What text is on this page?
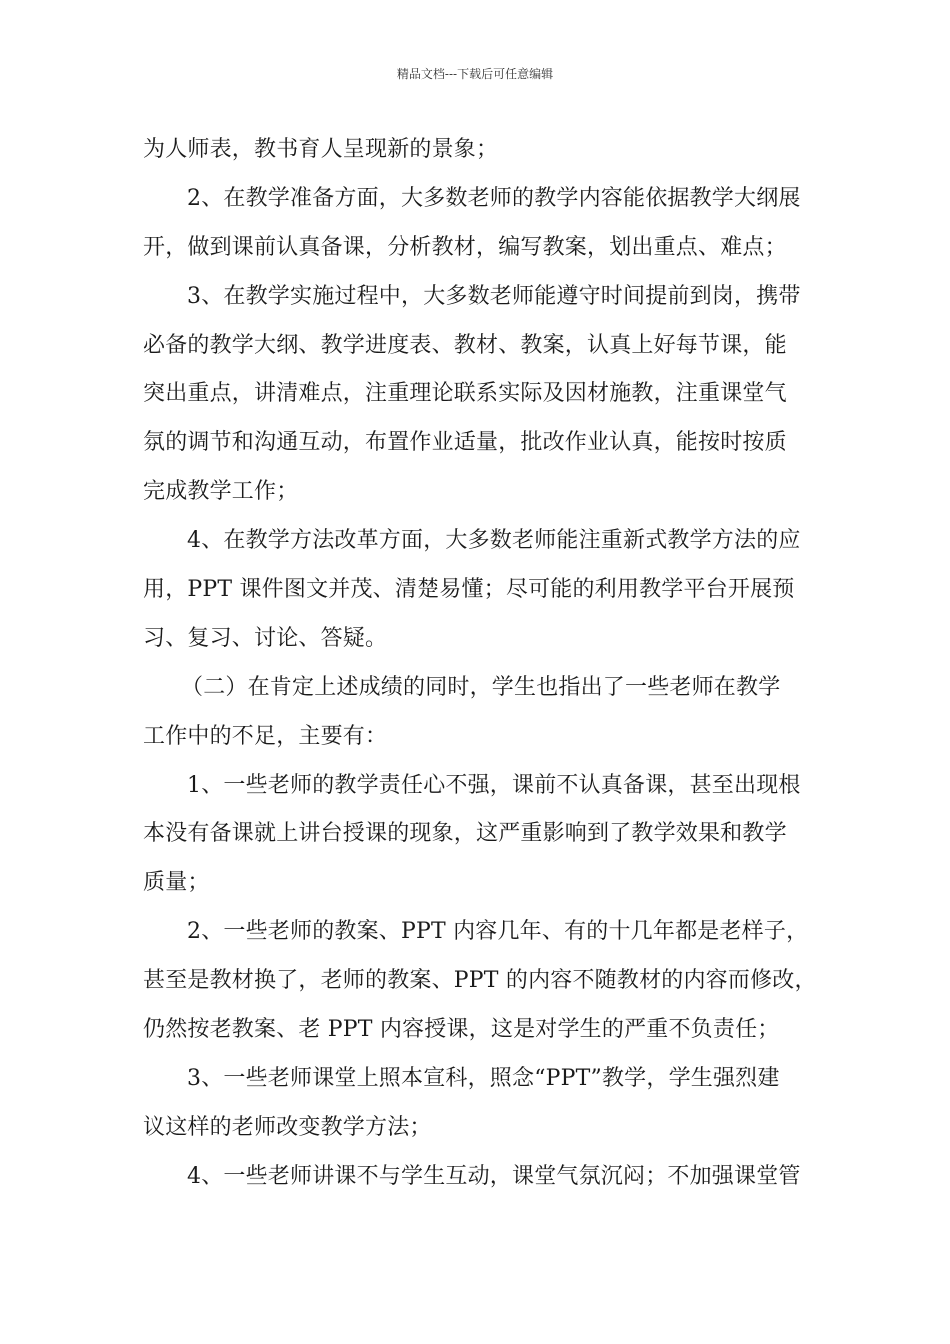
精品文档---下载后可任意编辑
为人师表，教书育人呈现新的景象；
2、在教学准备方面，大多数老师的教学内容能依据教学大纲展
开，做到课前认真备课，分析教材，编写教案，划出重点、难点；
3、在教学实施过程中，大多数老师能遵守时间提前到岗，携带
必备的教学大纲、教学进度表、教材、教案，认真上好每节课，能
突出重点，讲清难点，注重理论联系实际及因材施教，注重课堂气
氛的调节和沟通互动，布置作业适量，批改作业认真，能按时按质
完成教学工作；
4、在教学方法改革方面，大多数老师能注重新式教学方法的应
用，PPT 课件图文并茂、清楚易懂；尽可能的利用教学平台开展预
习、复习、讨论、答疑。
（二）在肯定上述成绩的同时，学生也指出了一些老师在教学
工作中的不足，主要有：
1、一些老师的教学责任心不强，课前不认真备课，甚至出现根
本没有备课就上讲台授课的现象，这严重影响到了教学效果和教学
质量；
2、一些老师的教案、PPT 内容几年、有的十几年都是老样子，
甚至是教材换了，老师的教案、PPT 的内容不随教材的内容而修改，
仍然按老教案、老 PPT 内容授课，这是对学生的严重不负责任；
3、一些老师课堂上照本宣科，照念“PPT”教学，学生强烈建
议这样的老师改变教学方法；
4、一些老师讲课不与学生互动，课堂气氛沉闷；不加强课堂管
